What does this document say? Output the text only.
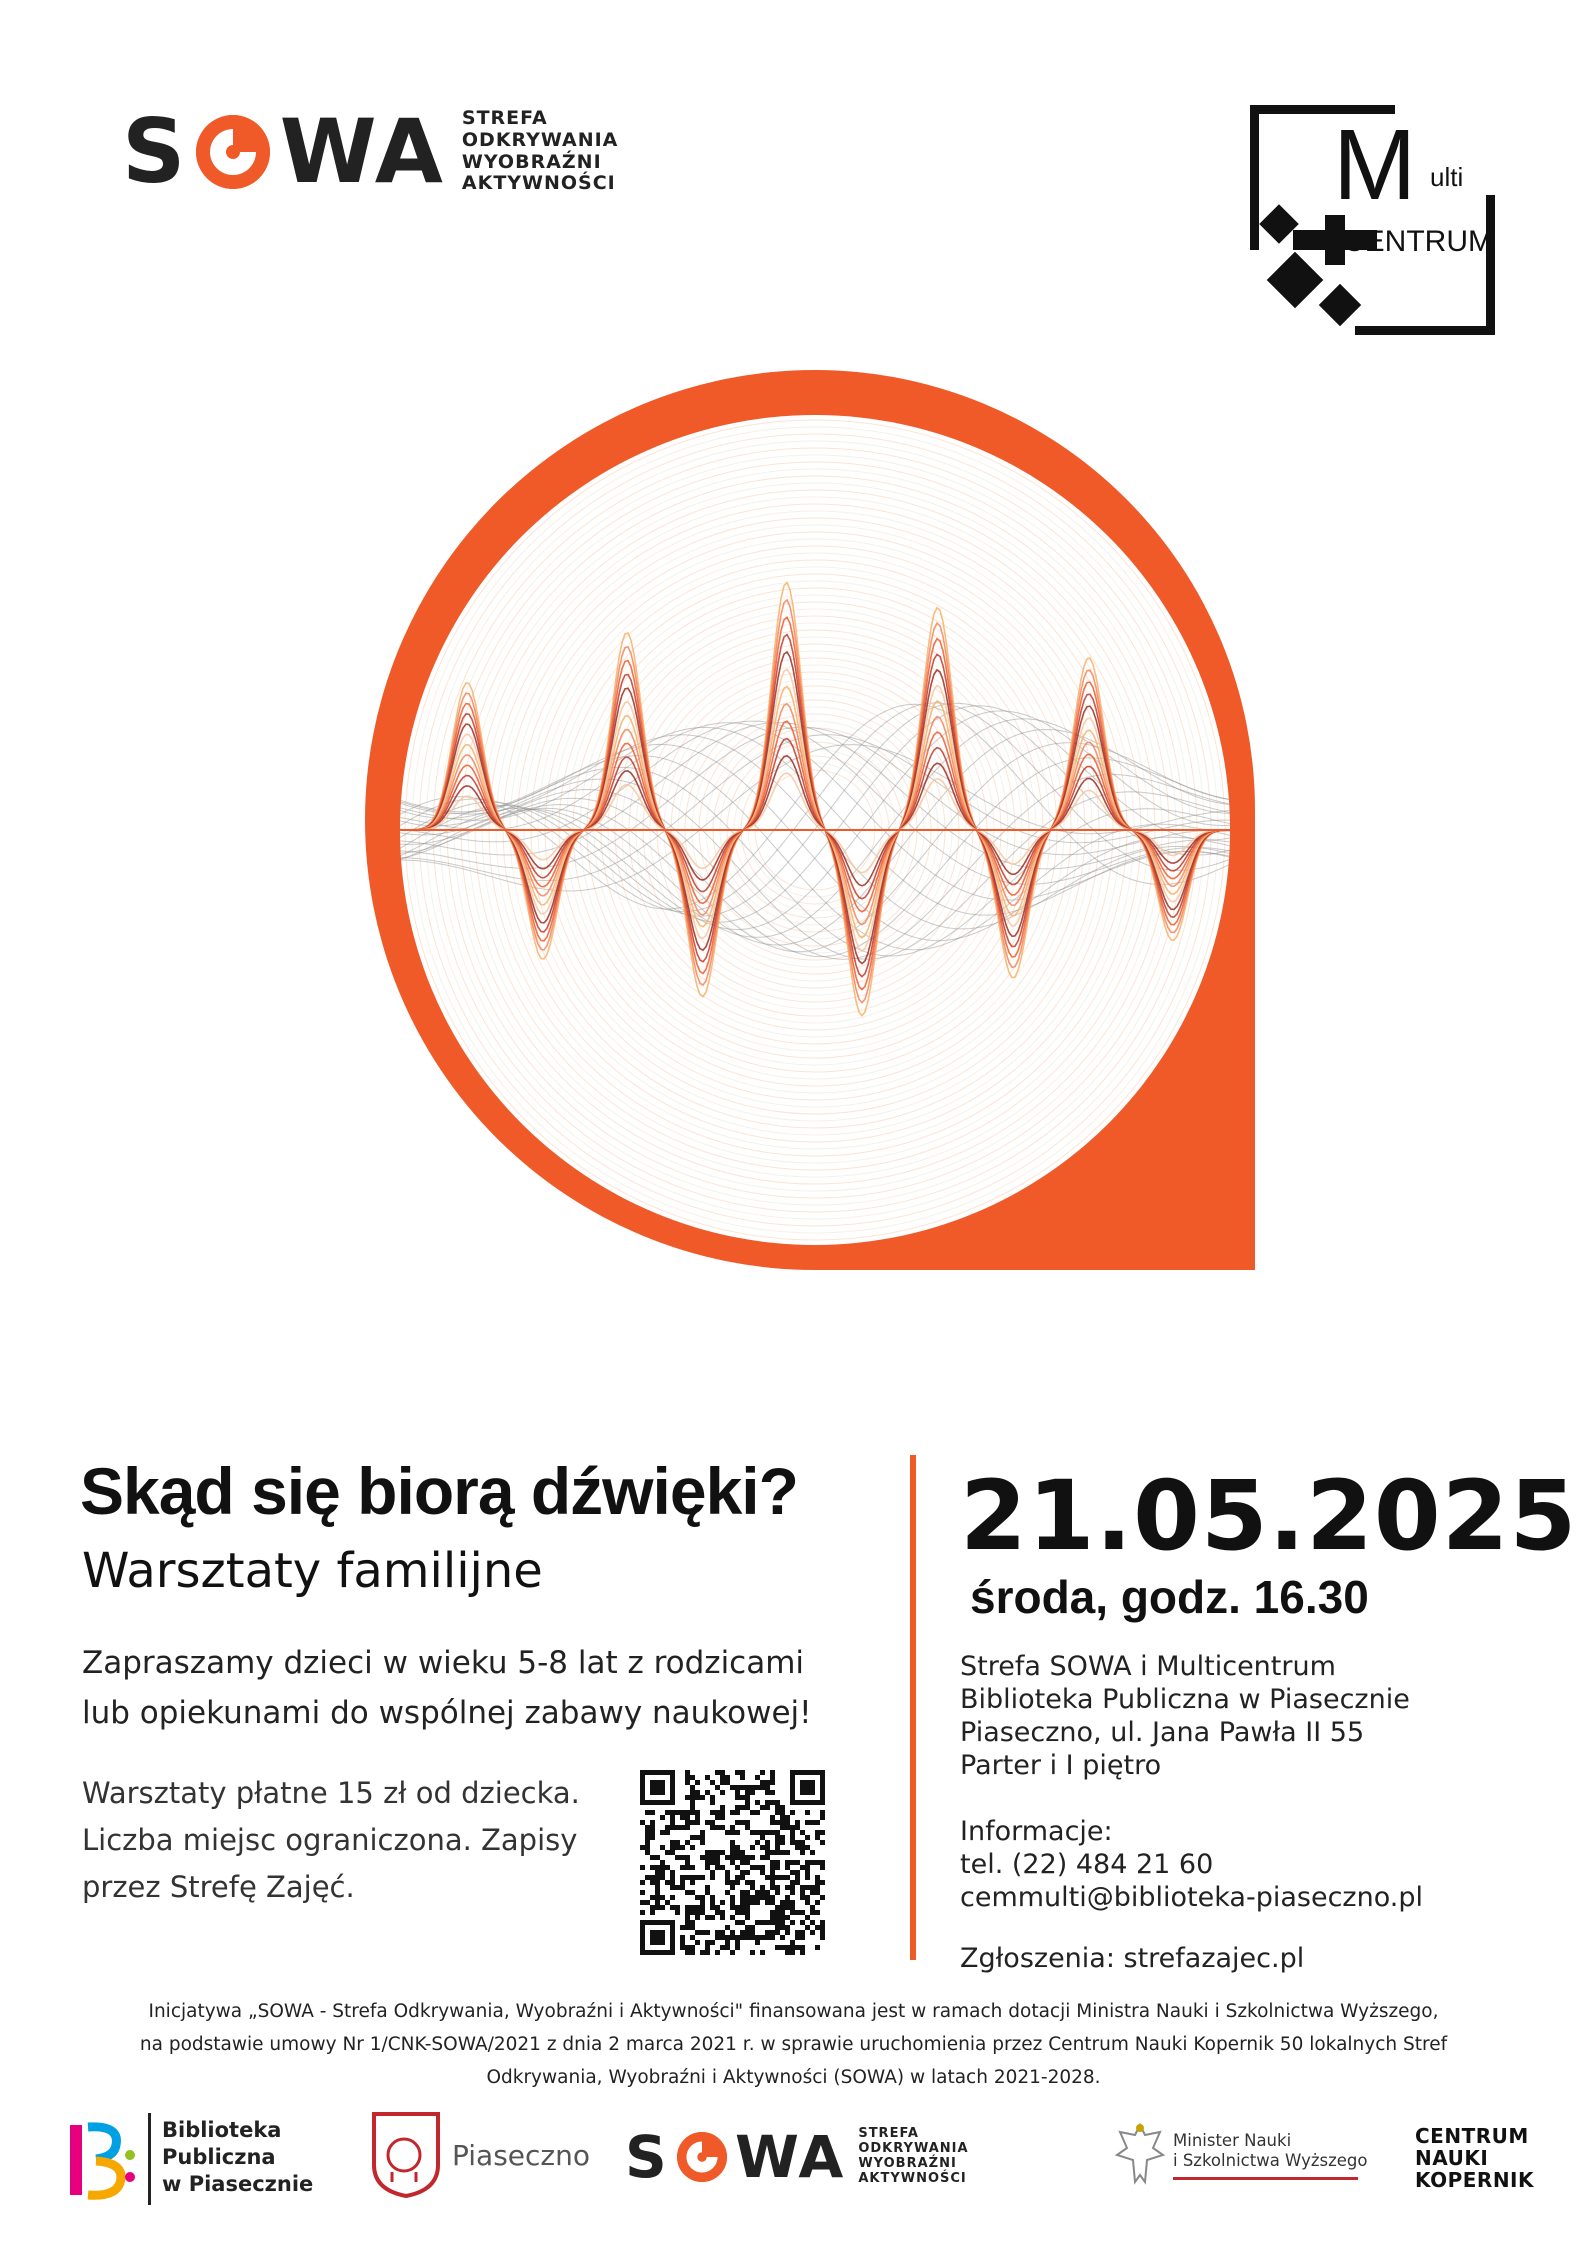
S WA STREFA
ODKRYWANIA
WYOBRAŹNI
AKTYWNOŚCI	M ulti
CENTRUM
Skąd się biorą dźwięki?
Warsztaty familijne
Zapraszamy dzieci w wieku 5-8 lat z rodzicami
lub opiekunami do wspólnej zabawy naukowej!
Warsztaty płatne 15 zł od dziecka.
Liczba miejsc ograniczona. Zapisy
przez Strefę Zajęć.
21.05.2025
środa, godz. 16.30
Strefa SOWA i Multicentrum
Biblioteka Publiczna w Piasecznie
Piaseczno, ul. Jana Pawła II 55
Parter i I piętro
Informacje:
tel. (22) 484 21 60
cemmulti@biblioteka-piaseczno.pl
Zgłoszenia: strefazajec.pl
Inicjatywa „SOWA - Strefa Odkrywania, Wyobraźni i Aktywności" finansowana jest w ramach dotacji Ministra Nauki i Szkolnictwa Wyższego,
na podstawie umowy Nr 1/CNK-SOWA/2021 z dnia 2 marca 2021 r. w sprawie uruchomienia przez Centrum Nauki Kopernik 50 lokalnych Stref
Odkrywania, Wyobraźni i Aktywności (SOWA) w latach 2021-2028.
Biblioteka
Publiczna
w Piasecznie
Piaseczno S WA STREFA
ODKRYWANIA
WYOBRAŹNI
AKTYWNOŚCI
Minister Nauki
i Szkolnictwa Wyższego
CENTRUM
NAUKI
KOPERNIK
